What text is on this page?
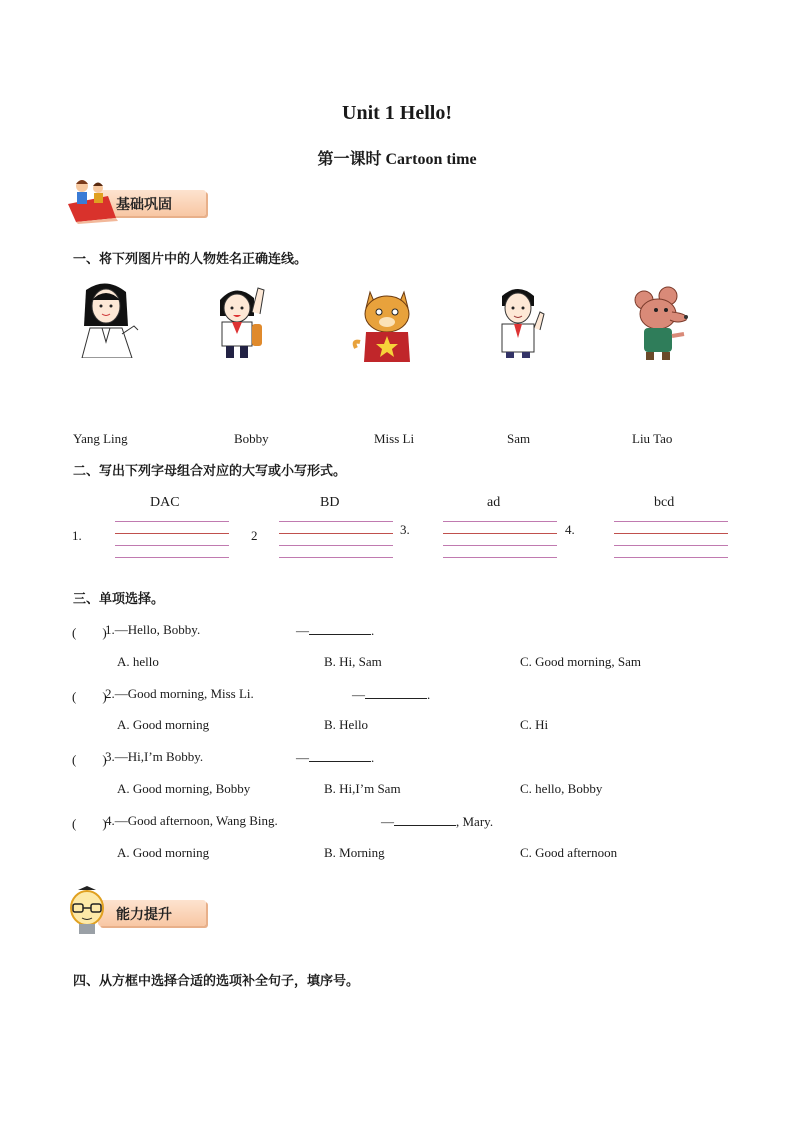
Unit 1 Hello!
第一课时 Cartoon time
基础巩固
一、将下列图片中的人物姓名正确连线。
Yang Ling	Bobby	Miss Li	Sam	Liu Tao
二、写出下列字母组合对应的大写或小写形式。
DAC	BD	ad	bcd
1.	2	3.	4.
三、单项选择。
(　　)
1.—Hello, Bobby.	—	.
A. hello	B. Hi, Sam	C. Good morning, Sam
(　　)
2.—Good morning, Miss Li.	—	.
A. Good morning	B. Hello	C. Hi
(　　)
3.—Hi,I’m Bobby.	—	.
A. Good morning, Bobby	B. Hi,I’m Sam	C. hello, Bobby
(　　)
4.—Good afternoon, Wang Bing.	—	, Mary.
A. Good morning	B. Morning	C. Good afternoon
能力提升
四、从方框中选择合适的选项补全句子，填序号。
